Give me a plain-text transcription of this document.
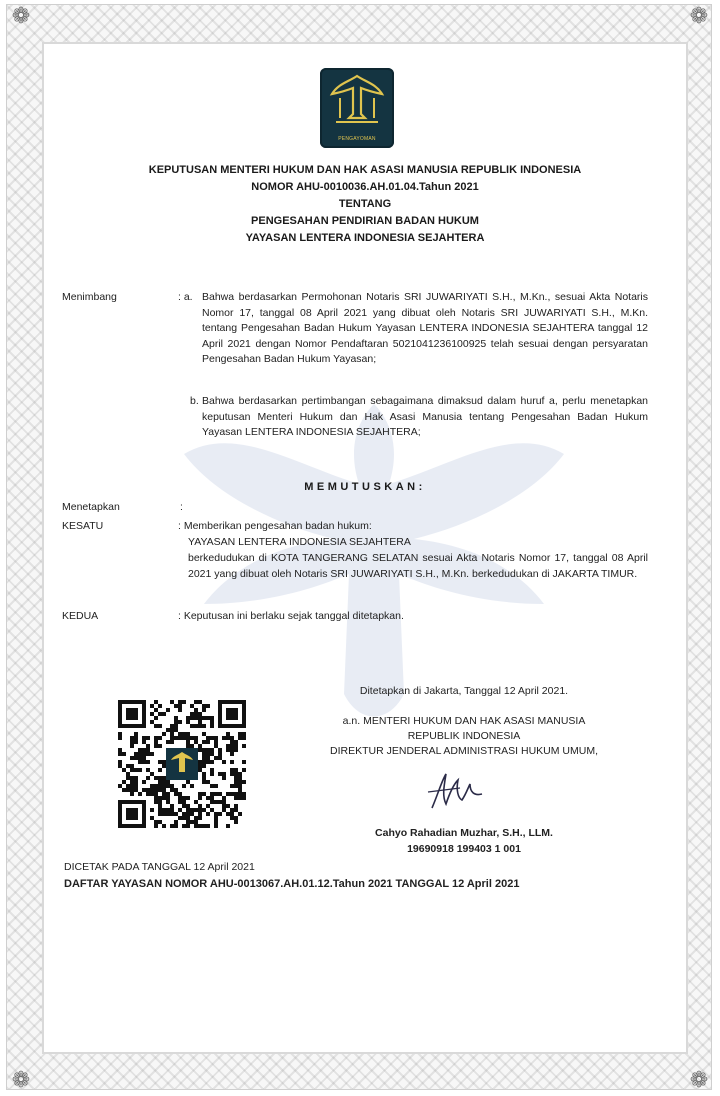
❁	❁
❁	❁
PENGAYOMAN
KEPUTUSAN MENTERI HUKUM DAN HAK ASASI MANUSIA REPUBLIK INDONESIA
NOMOR AHU-0010036.AH.01.04.Tahun 2021
TENTANG
PENGESAHAN PENDIRIAN BADAN HUKUM
YAYASAN LENTERA INDONESIA SEJAHTERA
Menimbang	: a. Bahwa berdasarkan Permohonan Notaris SRI JUWARIYATI S.H., M.Kn., sesuai Akta Notaris Nomor 17, tanggal 08 April 2021 yang dibuat oleh Notaris SRI JUWARIYATI S.H., M.Kn. tentang Pengesahan Badan Hukum Yayasan LENTERA INDONESIA SEJAHTERA tanggal 12 April 2021 dengan Nomor Pendaftaran 5021041236100925 telah sesuai dengan persyaratan Pengesahan Badan Hukum Yayasan;
b. Bahwa berdasarkan pertimbangan sebagaimana dimaksud dalam huruf a, perlu menetapkan keputusan Menteri Hukum dan Hak Asasi Manusia tentang Pengesahan Badan Hukum Yayasan LENTERA INDONESIA SEJAHTERA;
MEMUTUSKAN:
Menetapkan	:
KESATU	: Memberikan pengesahan badan hukum:
YAYASAN LENTERA INDONESIA SEJAHTERA
berkedudukan di KOTA TANGERANG SELATAN sesuai Akta Notaris Nomor 17, tanggal 08 April 2021 yang dibuat oleh Notaris SRI JUWARIYATI S.H., M.Kn. berkedudukan di JAKARTA TIMUR.
KEDUA	: Keputusan ini berlaku sejak tanggal ditetapkan.
Ditetapkan di Jakarta, Tanggal 12 April 2021.
a.n. MENTERI HUKUM DAN HAK ASASI MANUSIA
REPUBLIK INDONESIA
DIREKTUR JENDERAL ADMINISTRASI HUKUM UMUM,
Cahyo Rahadian Muzhar, S.H., LLM.
19690918 199403 1 001
DICETAK PADA TANGGAL 12 April 2021
DAFTAR YAYASAN NOMOR AHU-0013067.AH.01.12.Tahun 2021 TANGGAL 12 April 2021
